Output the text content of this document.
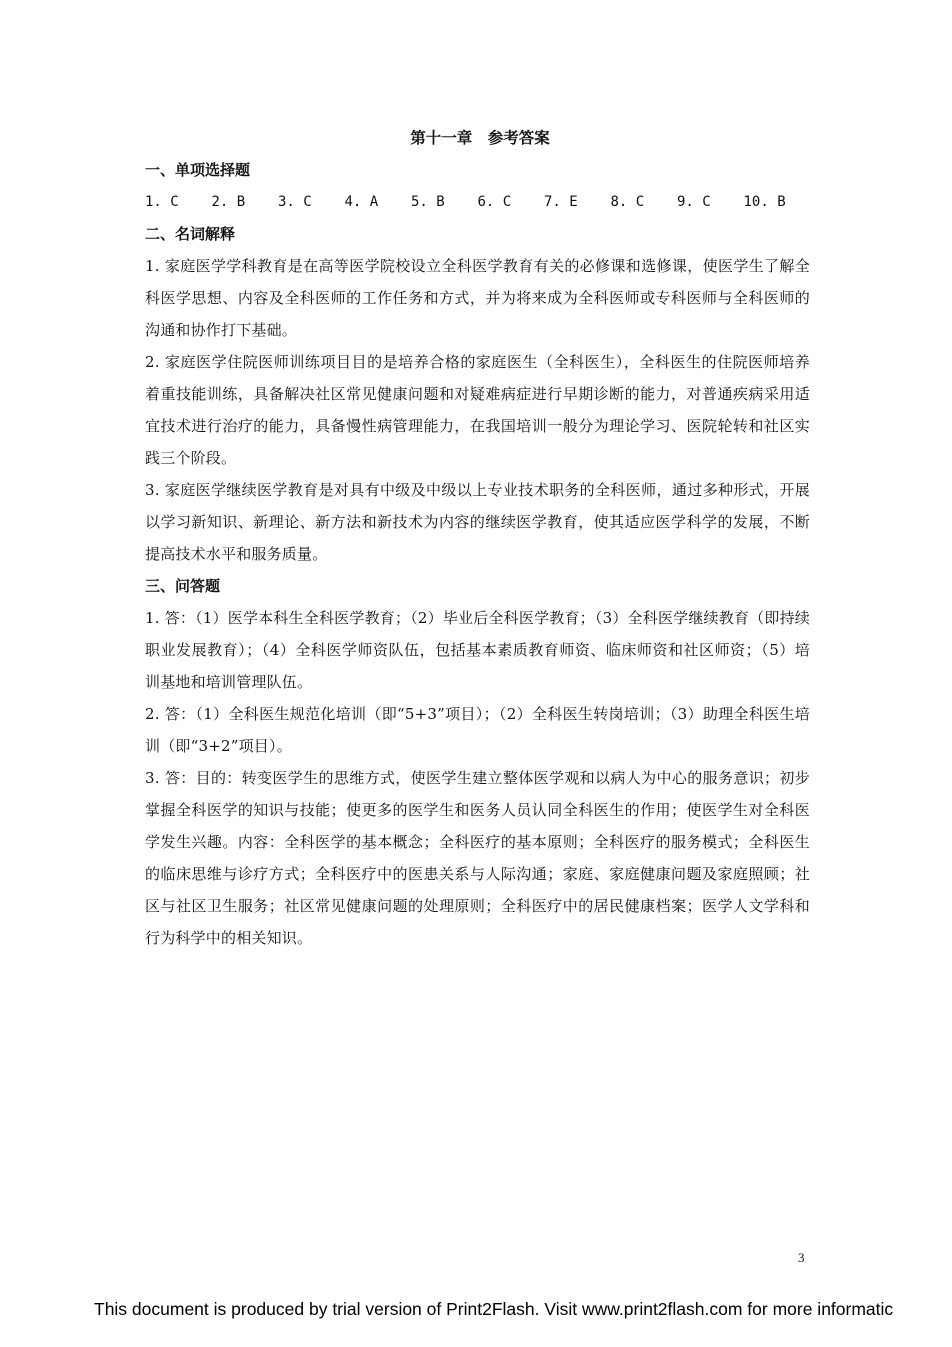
第十一章　参考答案
一、单项选择题
1. C	2. B	3. C	4. A	5. B	6. C	7. E	8. C	9. C	10. B
二、名词解释
1. 家庭医学学科教育是在高等医学院校设立全科医学教育有关的必修课和选修课，使医学生了解全科医学思想、内容及全科医师的工作任务和方式，并为将来成为全科医师或专科医师与全科医师的沟通和协作打下基础。
2. 家庭医学住院医师训练项目目的是培养合格的家庭医生（全科医生），全科医生的住院医师培养着重技能训练，具备解决社区常见健康问题和对疑难病症进行早期诊断的能力，对普通疾病采用适宜技术进行治疗的能力，具备慢性病管理能力，在我国培训一般分为理论学习、医院轮转和社区实践三个阶段。
3. 家庭医学继续医学教育是对具有中级及中级以上专业技术职务的全科医师，通过多种形式，开展以学习新知识、新理论、新方法和新技术为内容的继续医学教育，使其适应医学科学的发展，不断提高技术水平和服务质量。
三、问答题
1. 答：（1）医学本科生全科医学教育；（2）毕业后全科医学教育；（3）全科医学继续教育（即持续职业发展教育）；（4）全科医学师资队伍，包括基本素质教育师资、临床师资和社区师资；（5）培训基地和培训管理队伍。
2. 答：（1）全科医生规范化培训（即“5+3”项目）；（2）全科医生转岗培训；（3）助理全科医生培训（即“3+2”项目）。
3. 答：目的：转变医学生的思维方式，使医学生建立整体医学观和以病人为中心的服务意识；初步掌握全科医学的知识与技能；使更多的医学生和医务人员认同全科医生的作用；使医学生对全科医学发生兴趣。内容：全科医学的基本概念；全科医疗的基本原则；全科医疗的服务模式；全科医生的临床思维与诊疗方式；全科医疗中的医患关系与人际沟通；家庭、家庭健康问题及家庭照顾；社区与社区卫生服务；社区常见健康问题的处理原则；全科医疗中的居民健康档案；医学人文学科和行为科学中的相关知识。
3
This document is produced by trial version of Print2Flash. Visit www.print2flash.com for more informatic
